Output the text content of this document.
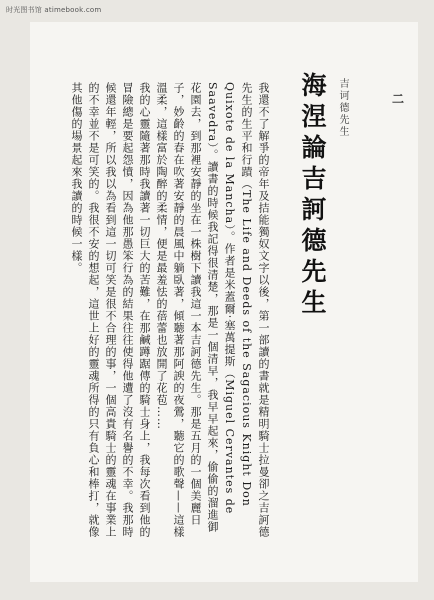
时光图书馆 atimebook.com
二
吉诃德先生
海涅論吉訶德先生

我還不了解爭的帝年及拮能獨奴文字以後，第一部讀的書就是精明騎士拉曼卻之吉訶德先生的生平和行蹟（The Life and Deeds of the Sagacious Knight Don Quixote de la Mancha）。作者是米蓋爾‧塞萬提斯（Miguel Cervantes de Saavedra）。讀書的時候我記得很清楚，那是一個清早，我早早起來，偷偷的溜進御花園去，到那裡安靜的坐在一株樹下讀我這一本吉訶德先生。那是五月的一個美麗日子，妙齡的春在吹著安靜的晨風中躺臥著，傾聽著那阿諛的夜鶯，聽它的歌聲——這樣溫柔，這樣富於陶醉的柔情，便是最羞怯的蓓蕾也放開了花苞……

我的心靈隨著那時我讀著一切巨大的苦難，在那鹹蹲踞傳的騎士身上，我每次看到他的冒險總是要起怨憤，因為他那愚笨行為的結果往往使得他遭了沒有名譽的不幸。我那時候還年輕，所以我以為看到這一切可笑是很不合理的事，一個高貴騎士的靈魂在事業上的不幸並不是可笑的。我很不安的想起，這世上好的靈魂所得的只有負心和棒打，就像其他傷的場景起來我讀的時候一樣。
